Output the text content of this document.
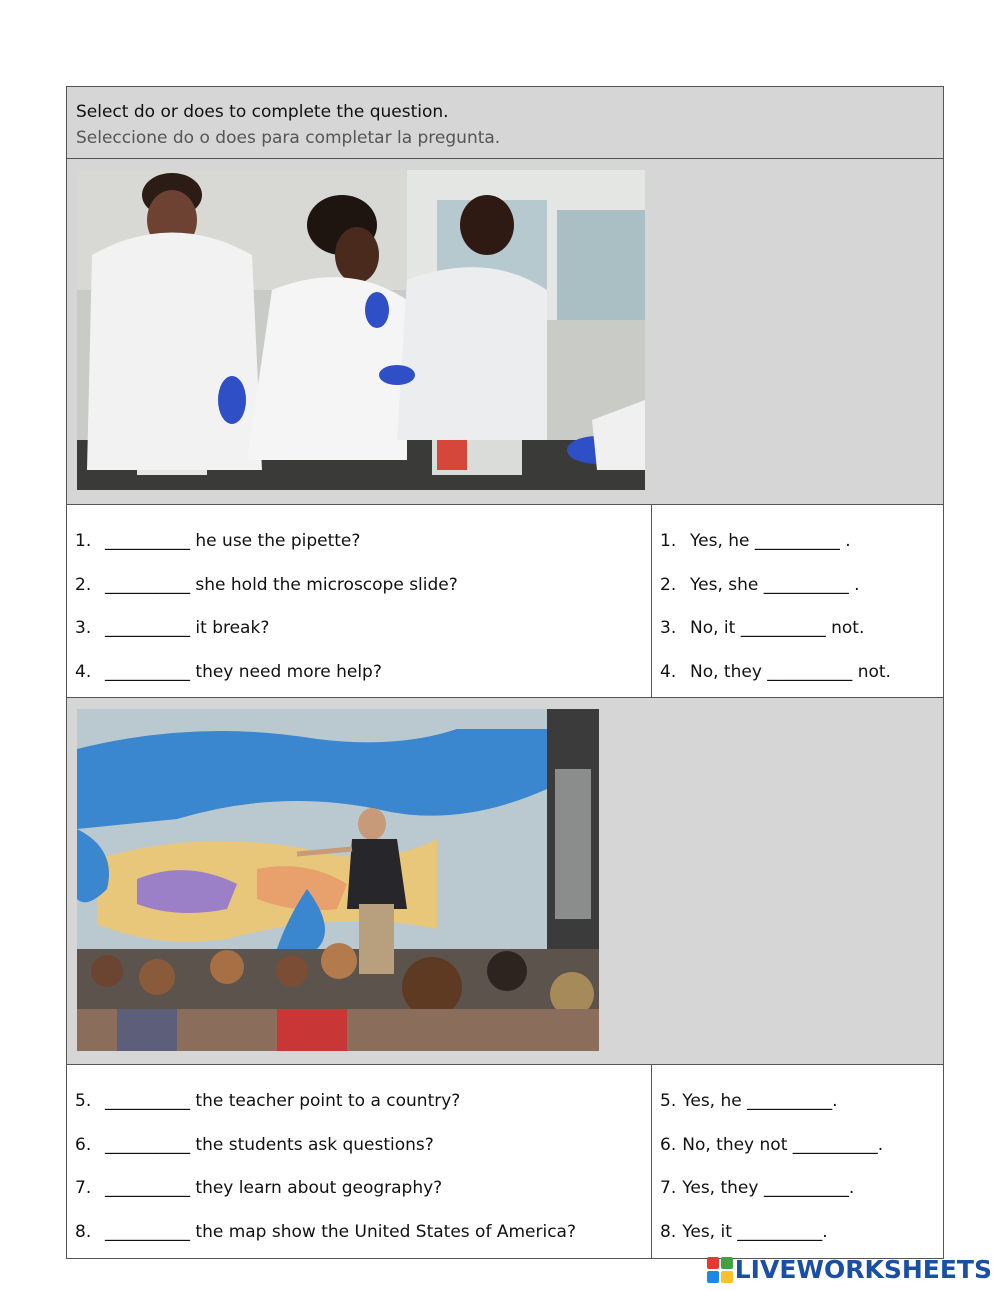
Select do or does to complete the question.
Seleccione do o does para completar la pregunta.
1. __________ he use the pipette?
2. __________ she hold the microscope slide?
3. __________ it break?
4. __________ they need more help?
1. Yes, he __________ .
2. Yes, she __________ .
3. No, it __________ not.
4. No, they __________ not.
5. __________ the teacher point to a country?
6. __________ the students ask questions?
7. __________ they learn about geography?
8. __________ the map show the United States of America?
5. Yes, he __________ .
6. No, they not __________ .
7. Yes, they __________ .
8. Yes, it __________ .
LIVEWORKSHEETS
